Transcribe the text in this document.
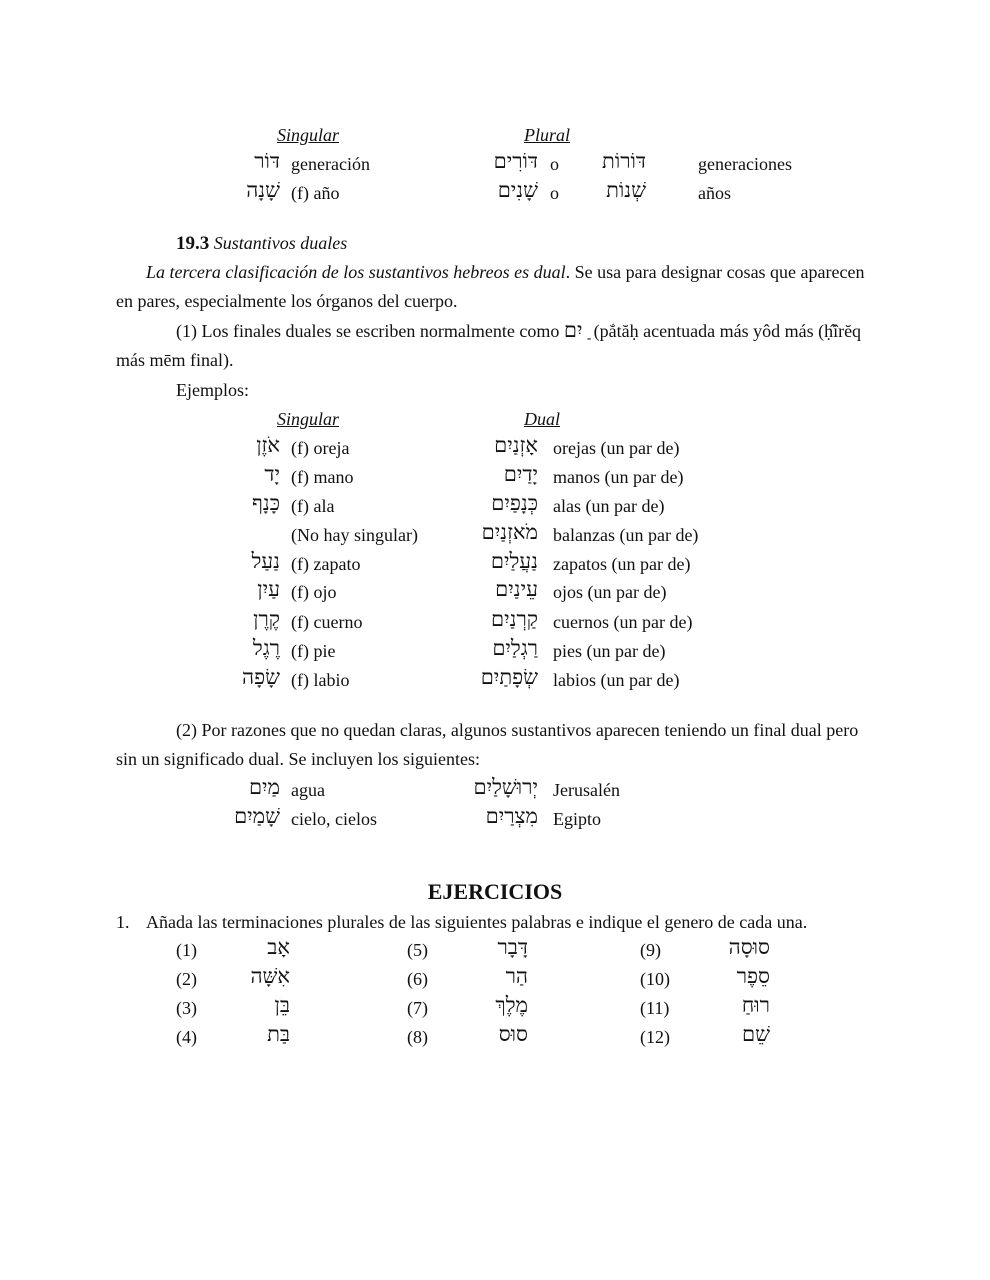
Singular	Plural
דּוֹר generación	דּוֹרִים o דּוֹרוֹת	generaciones
שָׁנָה (f) año	שָׁנִים o שְׁנוֹת	años
19.3 Sustantivos duales
La tercera clasificación de los sustantivos hebreos es dual. Se usa para designar cosas que aparecen en pares, especialmente los órganos del cuerpo.
(1) Los finales duales se escriben normalmente como ַ יִם (pắtăḥ acentuada más yôd más (ḥ̂îrĕq más mēm final).
Ejemplos:
Singular	Dual
אֹזֶן (f) oreja	אָזְנַיִם orejas (un par de)
יָד (f) mano	יָדַיִם manos (un par de)
כָּנָף (f) ala	כְּנָפַיִם alas (un par de)
(No hay singular)	מֹאזְנַיִם balanzas (un par de)
נַעַל (f) zapato	נַעֲלַיִם zapatos (un par de)
עַיִן (f) ojo	עֵינַיִם ojos (un par de)
קֶרֶן (f) cuerno	קַרְנַיִם cuernos (un par de)
רֶגֶל (f) pie	רַגְלַיִם pies (un par de)
שָׂפָה (f) labio	שְׂפָתַיִם labios (un par de)
(2) Por razones que no quedan claras, algunos sustantivos aparecen teniendo un final dual pero sin un significado dual. Se incluyen los siguientes:
מַיִם agua	יְרוּשָׁלַיִם Jerusalén
שָׁמַיִם cielo, cielos	מִצְרַיִם Egipto
EJERCICIOS
1. Añada las terminaciones plurales de las siguientes palabras e indique el genero de cada una.
(1)	אָב	(5)	דָּבָר	(9)	סוּסָה
(2)	אִשָּׁה	(6)	הַר	(10)	סֵפֶר
(3)	בֵּן	(7)	מֶלֶךְ	(11)	רוּחַ
(4)	בַּת	(8)	סוּס	(12)	שֵׁם
